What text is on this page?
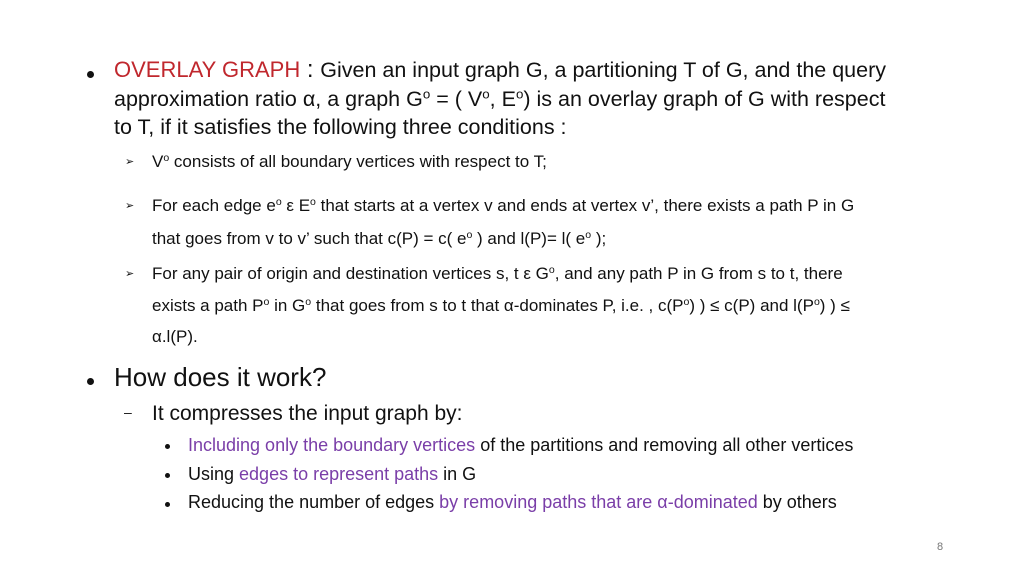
OVERLAY GRAPH : Given an input graph G, a partitioning T of G, and the query
approximation ratio α, a graph $G^o$ = ( $V^o$, $E^o$) is an overlay graph of G with respect
to T, if it satisfies the following three conditions :
➢ $V^o$ consists of all boundary vertices with respect to T;
➢ For each edge $e^o$ ε $E^o$ that starts at a vertex v and ends at vertex v’, there exists a path P in G
that goes from v to v’ such that c(P) = c( $e^o$ ) and l(P)= l( $e^o$ );
➢ For any pair of origin and destination vertices s, t ε $G^o$, and any path P in G from s to t, there
exists a path $P^o$ in $G^o$ that goes from s to t that α-dominates P, i.e. , $c(P^o)$ ) ≤ c(P) and $l(P^o)$ ) ≤
α.l(P).
How does it work?
– It compresses the input graph by:
Including only the boundary vertices of the partitions and removing all other vertices
Using edges to represent paths in G
Reducing the number of edges by removing paths that are α-dominated by others
8
